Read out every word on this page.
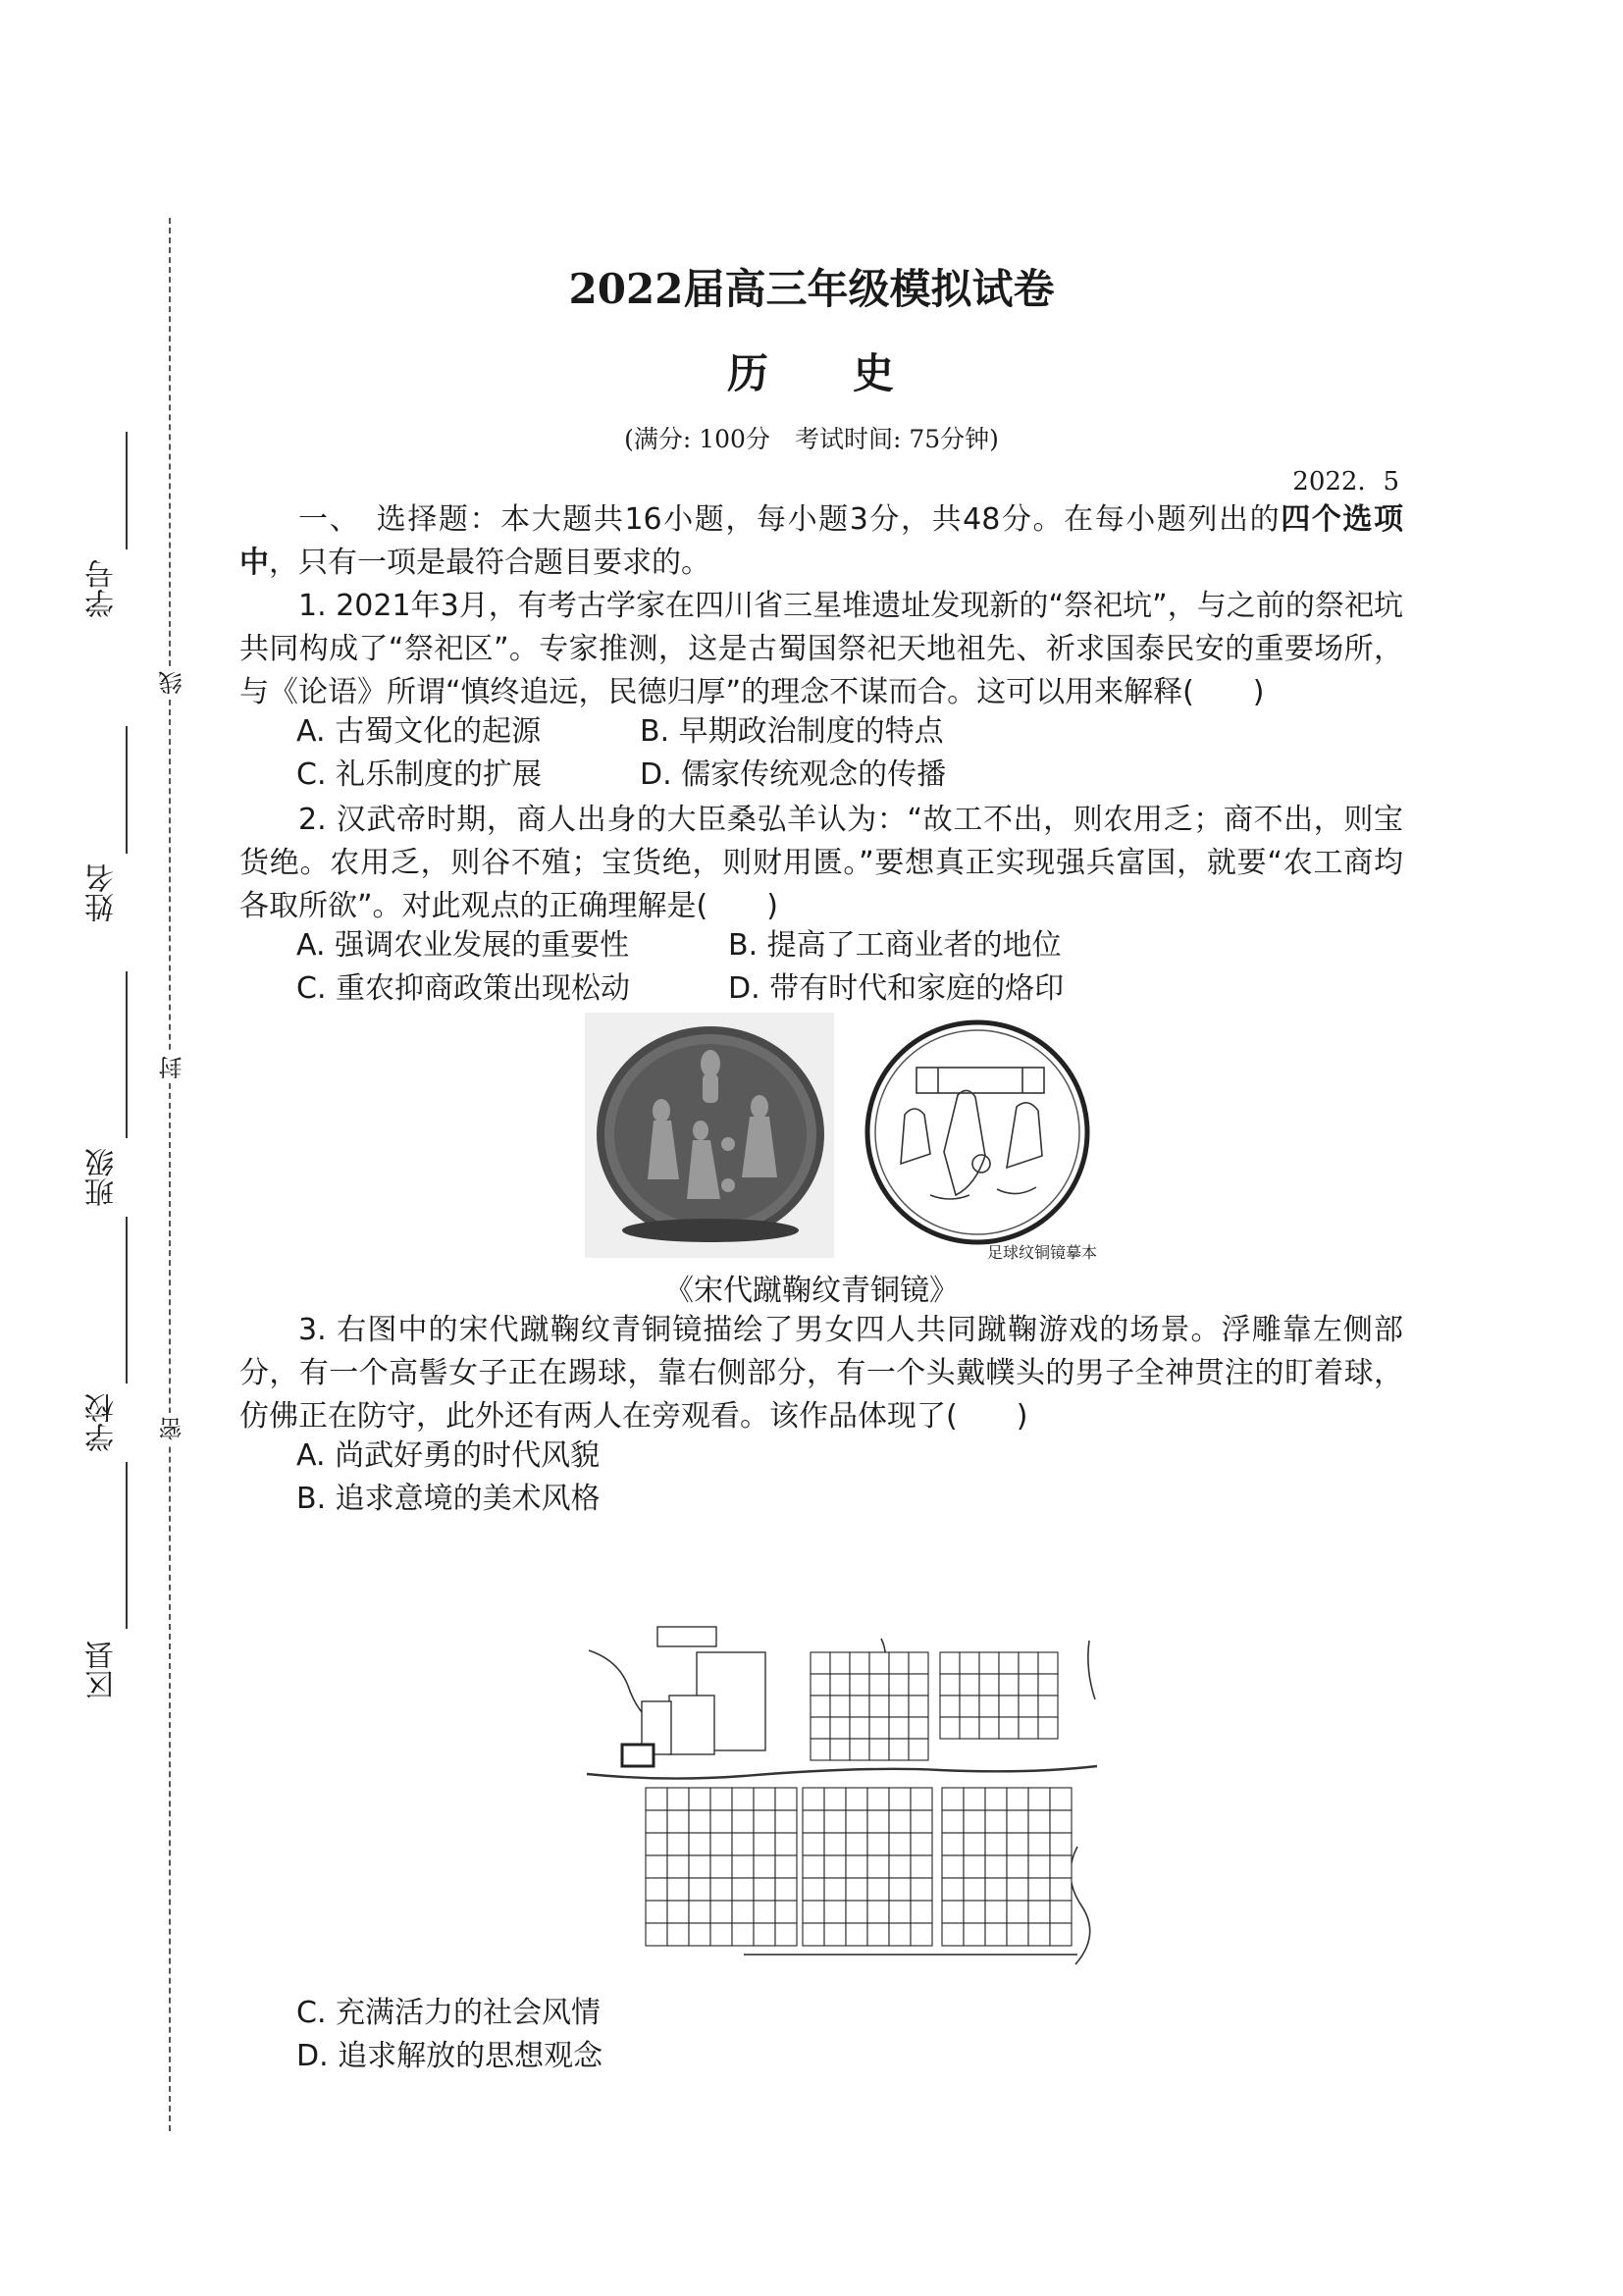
学号
姓名
班级
学校
区县
线
封
密
2022届高三年级模拟试卷
历 史
(满分: 100分　考试时间: 75分钟)
2022．5
一、　选择题：本大题共16小题，每小题3分，共48分。在每小题列出的四个选项中，只有一项是最符合题目要求的。
1. 2021年3月，有考古学家在四川省三星堆遗址发现新的“祭祀坑”，与之前的祭祀坑共同构成了“祭祀区”。专家推测，这是古蜀国祭祀天地祖先、祈求国泰民安的重要场所，与《论语》所谓“慎终追远，民德归厚”的理念不谋而合。这可以用来解释(　　)
A. 古蜀文化的起源	B. 早期政治制度的特点
C. 礼乐制度的扩展	D. 儒家传统观念的传播
2. 汉武帝时期，商人出身的大臣桑弘羊认为：“故工不出，则农用乏；商不出，则宝货绝。农用乏，则谷不殖；宝货绝，则财用匮。”要想真正实现强兵富国，就要“农工商均各取所欲”。对此观点的正确理解是(　　)
A. 强调农业发展的重要性	B. 提高了工商业者的地位
C. 重农抑商政策出现松动	D. 带有时代和家庭的烙印
足球纹铜镜摹本
《宋代蹴鞠纹青铜镜》
3. 右图中的宋代蹴鞠纹青铜镜描绘了男女四人共同蹴鞠游戏的场景。浮雕靠左侧部分，有一个高髻女子正在踢球，靠右侧部分，有一个头戴幞头的男子全神贯注的盯着球，仿佛正在防守，此外还有两人在旁观看。该作品体现了(　　)
A. 尚武好勇的时代风貌
B. 追求意境的美术风格
C. 充满活力的社会风情
D. 追求解放的思想观念
